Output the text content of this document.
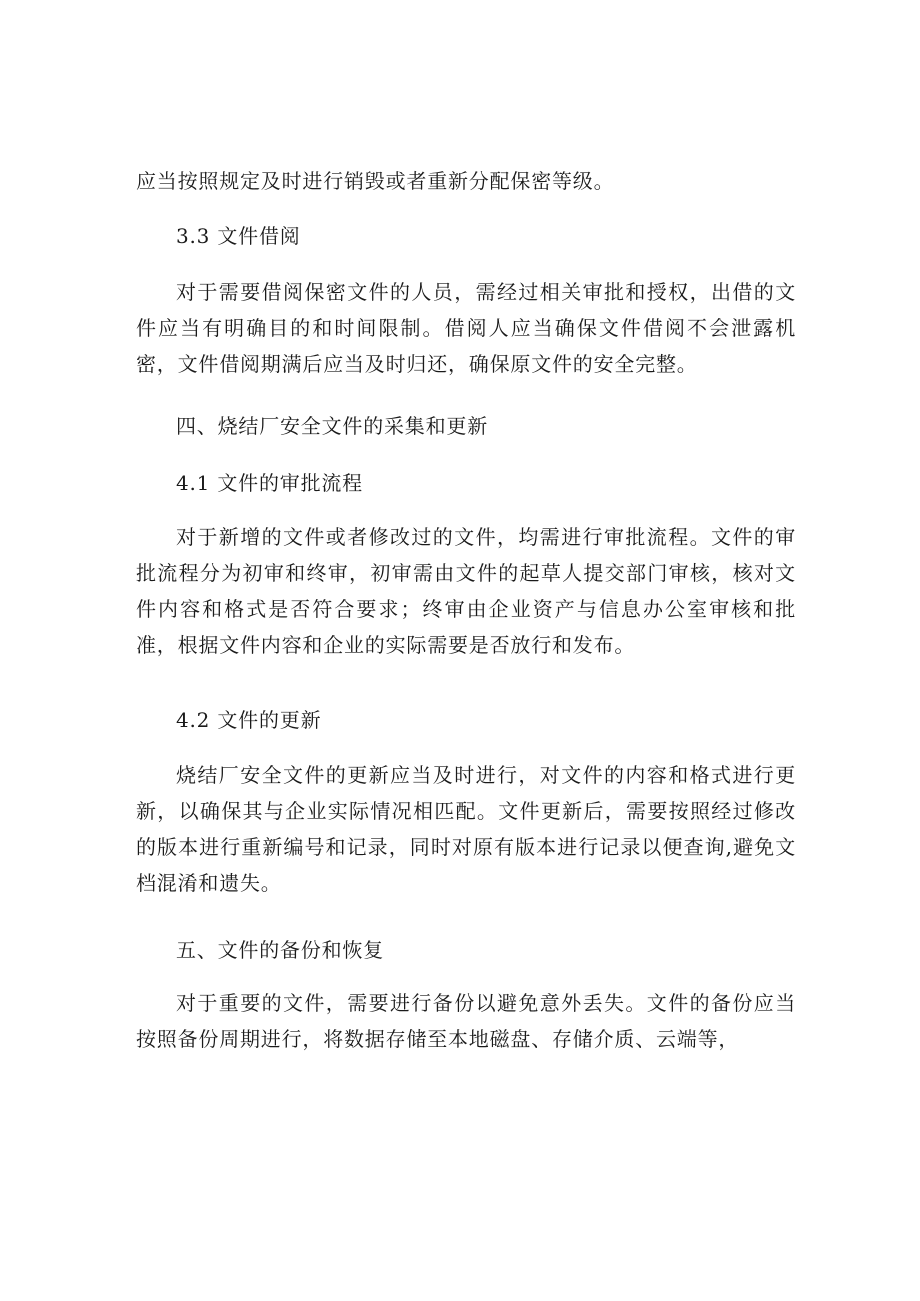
应当按照规定及时进行销毁或者重新分配保密等级。

3.3 文件借阅

对于需要借阅保密文件的人员，需经过相关审批和授权，出借的文件应当有明确目的和时间限制。借阅人应当确保文件借阅不会泄露机密，文件借阅期满后应当及时归还，确保原文件的安全完整。

四、烧结厂安全文件的采集和更新

4.1 文件的审批流程

对于新增的文件或者修改过的文件，均需进行审批流程。文件的审批流程分为初审和终审，初审需由文件的起草人提交部门审核，核对文件内容和格式是否符合要求；终审由企业资产与信息办公室审核和批准，根据文件内容和企业的实际需要是否放行和发布。

4.2 文件的更新

烧结厂安全文件的更新应当及时进行，对文件的内容和格式进行更新，以确保其与企业实际情况相匹配。文件更新后，需要按照经过修改的版本进行重新编号和记录，同时对原有版本进行记录以便查询,避免文档混淆和遗失。

五、文件的备份和恢复

对于重要的文件，需要进行备份以避免意外丢失。文件的备份应当按照备份周期进行，将数据存储至本地磁盘、存储介质、云端等，
